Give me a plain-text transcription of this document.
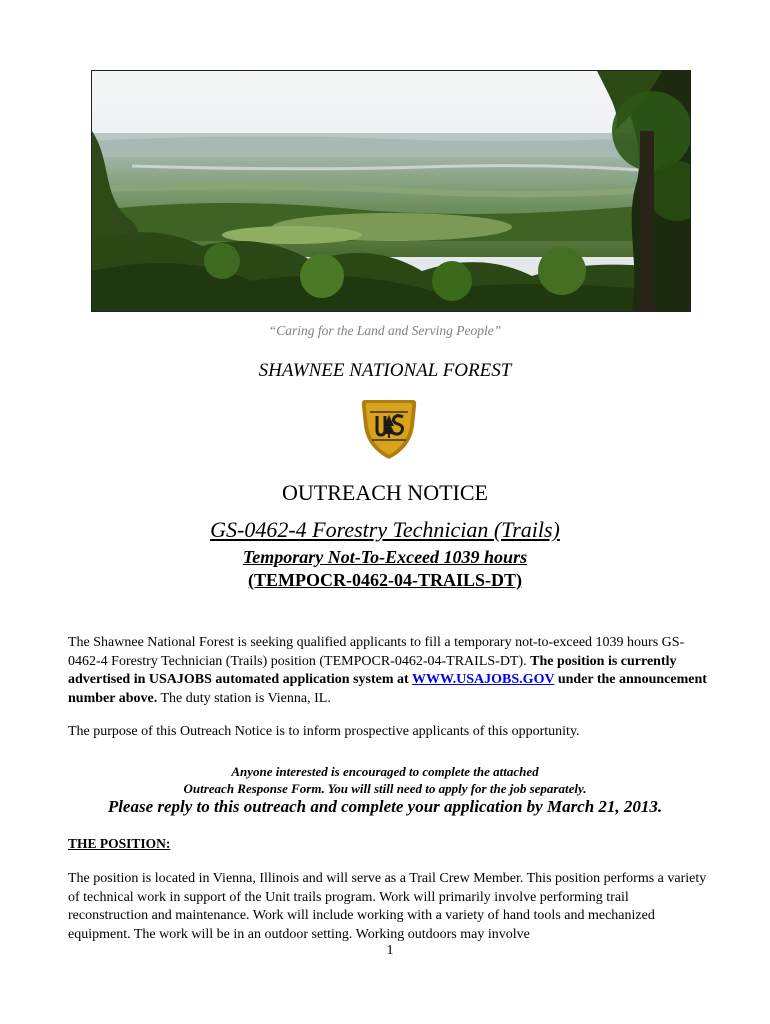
“Caring for the Land and Serving People”
SHAWNEE NATIONAL FOREST
OUTREACH NOTICE
GS-0462-4 Forestry Technician (Trails)
Temporary Not-To-Exceed 1039 hours
(TEMPOCR-0462-04-TRAILS-DT)
The Shawnee National Forest is seeking qualified applicants to fill a temporary not-to-exceed 1039 hours GS-0462-4 Forestry Technician (Trails) position (TEMPOCR-0462-04-TRAILS-DT). The position is currently advertised in USAJOBS automated application system at WWW.USAJOBS.GOV under the announcement number above. The duty station is Vienna, IL.
The purpose of this Outreach Notice is to inform prospective applicants of this opportunity.
Anyone interested is encouraged to complete the attached
Outreach Response Form. You will still need to apply for the job separately.
Please reply to this outreach and complete your application by March 21, 2013.
THE POSITION:
The position is located in Vienna, Illinois and will serve as a Trail Crew Member. This position performs a variety of technical work in support of the Unit trails program. Work will primarily involve performing trail reconstruction and maintenance. Work will include working with a variety of hand tools and mechanized equipment. The work will be in an outdoor setting. Working outdoors may involve
1
